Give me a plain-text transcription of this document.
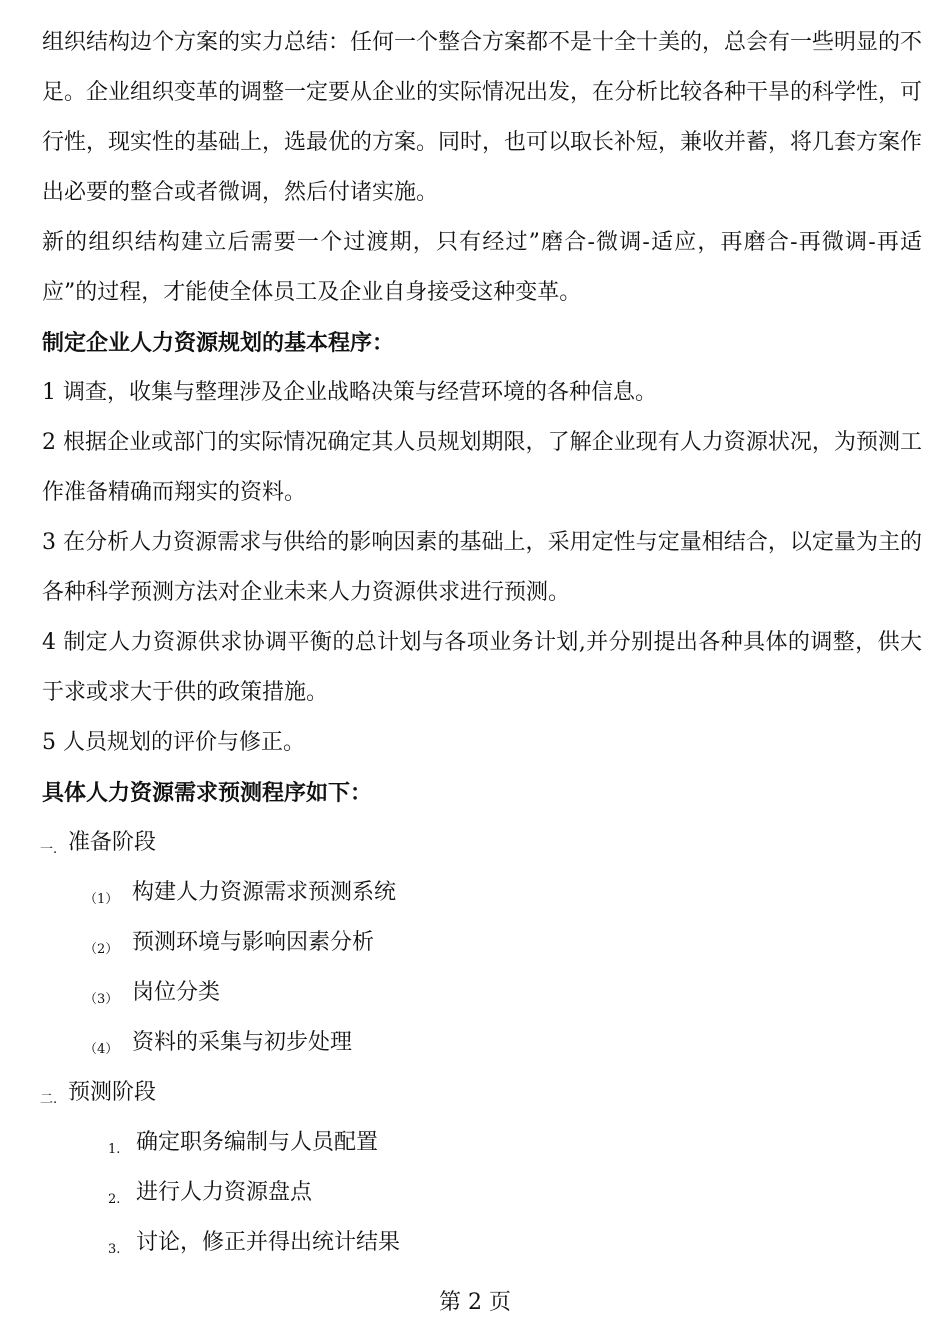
组织结构边个方案的实力总结：任何一个整合方案都不是十全十美的，总会有一些明显的不足。企业组织变革的调整一定要从企业的实际情况出发，在分析比较各种干旱的科学性，可行性，现实性的基础上，选最优的方案。同时，也可以取长补短，兼收并蓄，将几套方案作出必要的整合或者微调，然后付诸实施。

新的组织结构建立后需要一个过渡期，只有经过”磨合-微调-适应，再磨合-再微调-再适应”的过程，才能使全体员工及企业自身接受这种变革。

制定企业人力资源规划的基本程序：

1 调查，收集与整理涉及企业战略决策与经营环境的各种信息。

2 根据企业或部门的实际情况确定其人员规划期限，了解企业现有人力资源状况，为预测工作准备精确而翔实的资料。

3 在分析人力资源需求与供给的影响因素的基础上，采用定性与定量相结合，以定量为主的各种科学预测方法对企业未来人力资源供求进行预测。

4 制定人力资源供求协调平衡的总计划与各项业务计划,并分别提出各种具体的调整，供大于求或求大于供的政策措施。

5 人员规划的评价与修正。

具体人力资源需求预测程序如下：

一. 准备阶段
（1） 构建人力资源需求预测系统
（2） 预测环境与影响因素分析
（3） 岗位分类
（4） 资料的采集与初步处理
二. 预测阶段
1. 确定职务编制与人员配置
2. 进行人力资源盘点
3. 讨论，修正并得出统计结果
第 2 页
